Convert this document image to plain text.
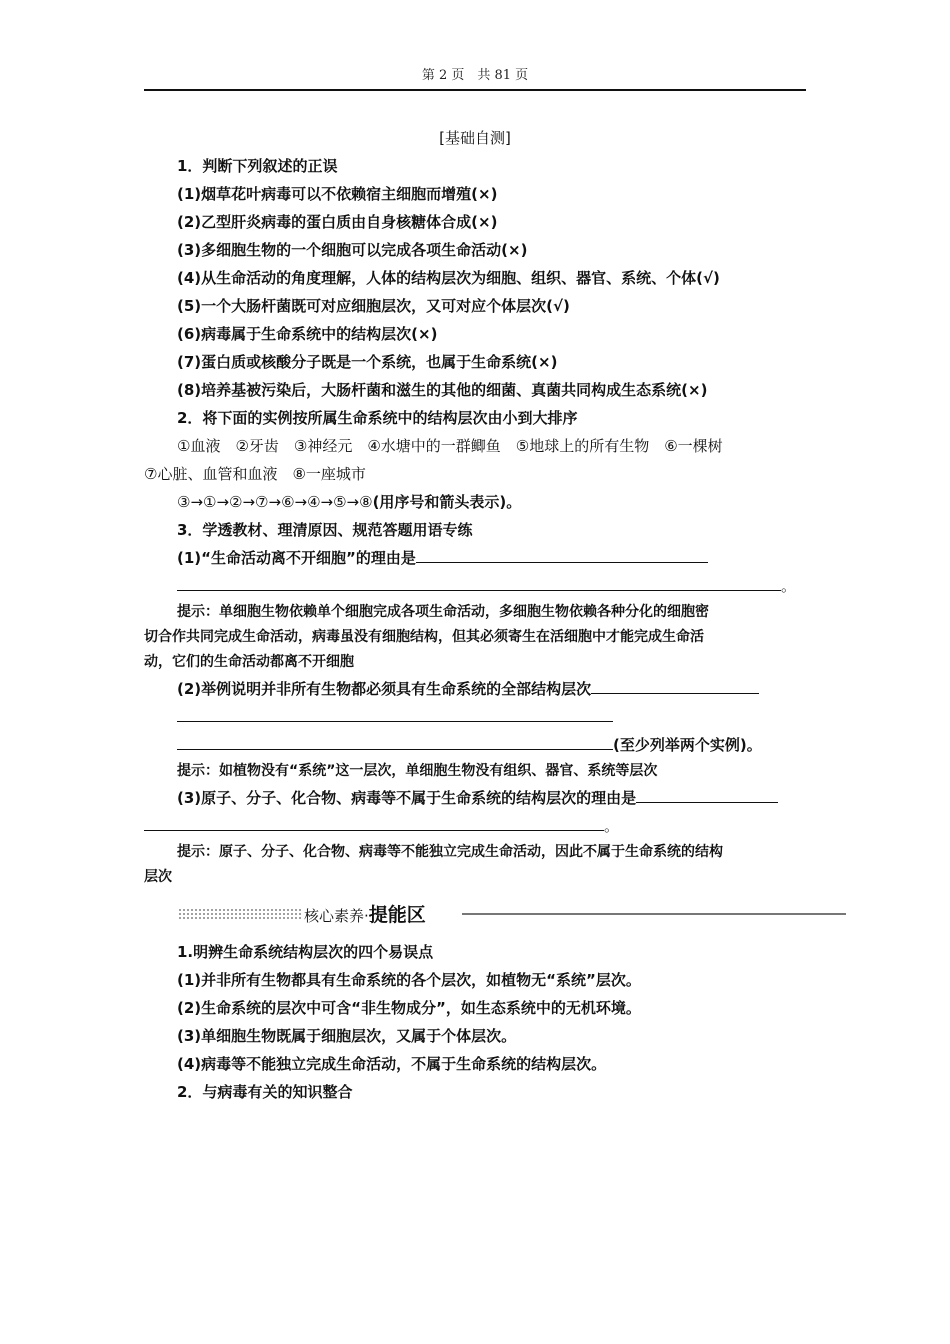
第 2 页　共 81 页
[基础自测]
1．判断下列叙述的正误
(1)烟草花叶病毒可以不依赖宿主细胞而增殖(×)
(2)乙型肝炎病毒的蛋白质由自身核糖体合成(×)
(3)多细胞生物的一个细胞可以完成各项生命活动(×)
(4)从生命活动的角度理解，人体的结构层次为细胞、组织、器官、系统、个体(√)
(5)一个大肠杆菌既可对应细胞层次，又可对应个体层次(√)
(6)病毒属于生命系统中的结构层次(×)
(7)蛋白质或核酸分子既是一个系统，也属于生命系统(×)
(8)培养基被污染后，大肠杆菌和滋生的其他的细菌、真菌共同构成生态系统(×)
2．将下面的实例按所属生命系统中的结构层次由小到大排序
①血液　②牙齿　③神经元　④水塘中的一群鲫鱼　⑤地球上的所有生物　⑥一棵树
⑦心脏、血管和血液　⑧一座城市
③→①→②→⑦→⑥→④→⑤→⑧(用序号和箭头表示)。
3．学透教材、理清原因、规范答题用语专练
(1)“生命活动离不开细胞”的理由是
。
提示：单细胞生物依赖单个细胞完成各项生命活动，多细胞生物依赖各种分化的细胞密
切合作共同完成生命活动，病毒虽没有细胞结构，但其必须寄生在活细胞中才能完成生命活
动，它们的生命活动都离不开细胞
(2)举例说明并非所有生物都必须具有生命系统的全部结构层次
(至少列举两个实例)。
提示：如植物没有“系统”这一层次，单细胞生物没有组织、器官、系统等层次
(3)原子、分子、化合物、病毒等不属于生命系统的结构层次的理由是
。
提示：原子、分子、化合物、病毒等不能独立完成生命活动，因此不属于生命系统的结构
层次
核心素养·提能区
1.明辨生命系统结构层次的四个易误点
(1)并非所有生物都具有生命系统的各个层次，如植物无“系统”层次。
(2)生命系统的层次中可含“非生物成分”，如生态系统中的无机环境。
(3)单细胞生物既属于细胞层次，又属于个体层次。
(4)病毒等不能独立完成生命活动，不属于生命系统的结构层次。
2．与病毒有关的知识整合
